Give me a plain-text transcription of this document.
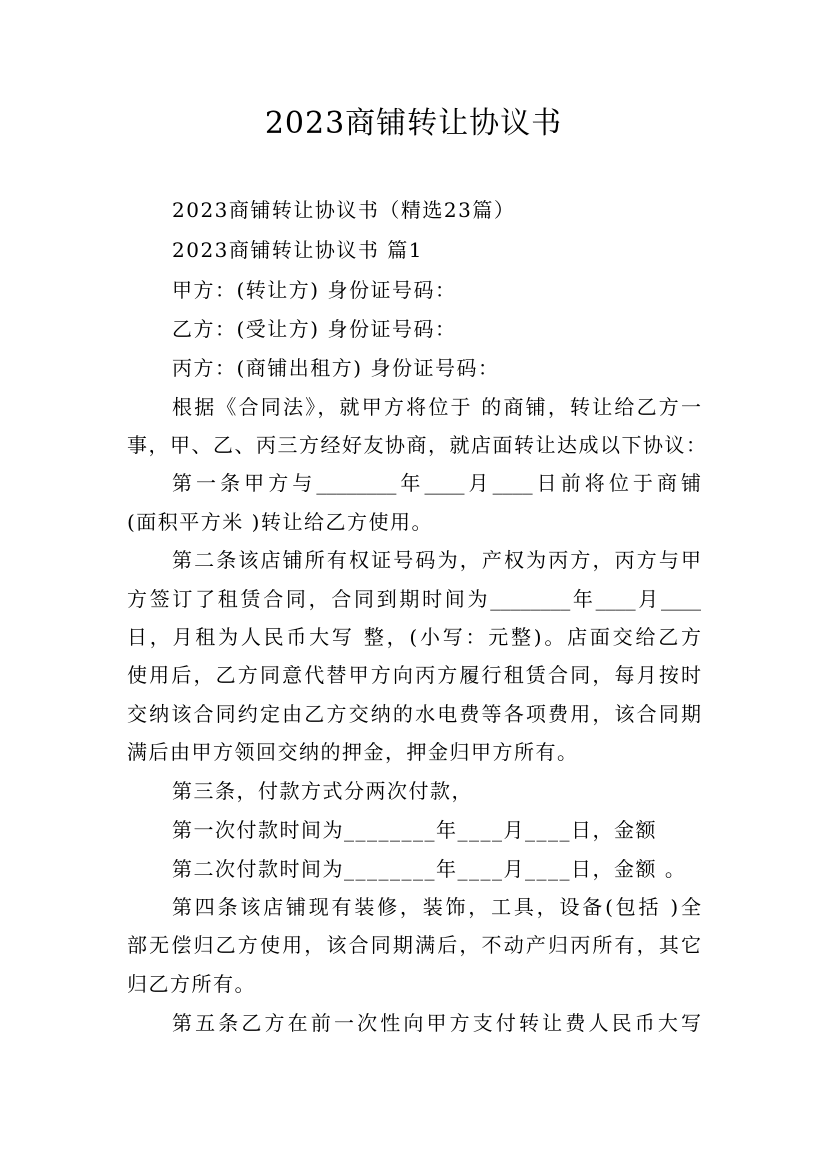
2023商铺转让协议书

2023商铺转让协议书（精选23篇）

2023商铺转让协议书 篇1

甲方：(转让方) 身份证号码：

乙方：(受让方) 身份证号码：

丙方：(商铺出租方) 身份证号码：

根据《合同法》，就甲方将位于 的商铺，转让给乙方一

事，甲、乙、丙三方经好友协商，就店面转让达成以下协议：

第一条甲方与________年____月____日前将位于商铺

(面积平方米 )转让给乙方使用。

第二条该店铺所有权证号码为，产权为丙方，丙方与甲

方签订了租赁合同，合同到期时间为________年____月____

日，月租为人民币大写 整，(小写：元整)。店面交给乙方

使用后，乙方同意代替甲方向丙方履行租赁合同，每月按时

交纳该合同约定由乙方交纳的水电费等各项费用，该合同期

满后由甲方领回交纳的押金，押金归甲方所有。

第三条，付款方式分两次付款，

第一次付款时间为________年____月____日，金额

第二次付款时间为________年____月____日，金额 。

第四条该店铺现有装修，装饰，工具，设备(包括 )全

部无偿归乙方使用，该合同期满后，不动产归丙所有，其它

归乙方所有。

第五条乙方在前一次性向甲方支付转让费人民币大写
